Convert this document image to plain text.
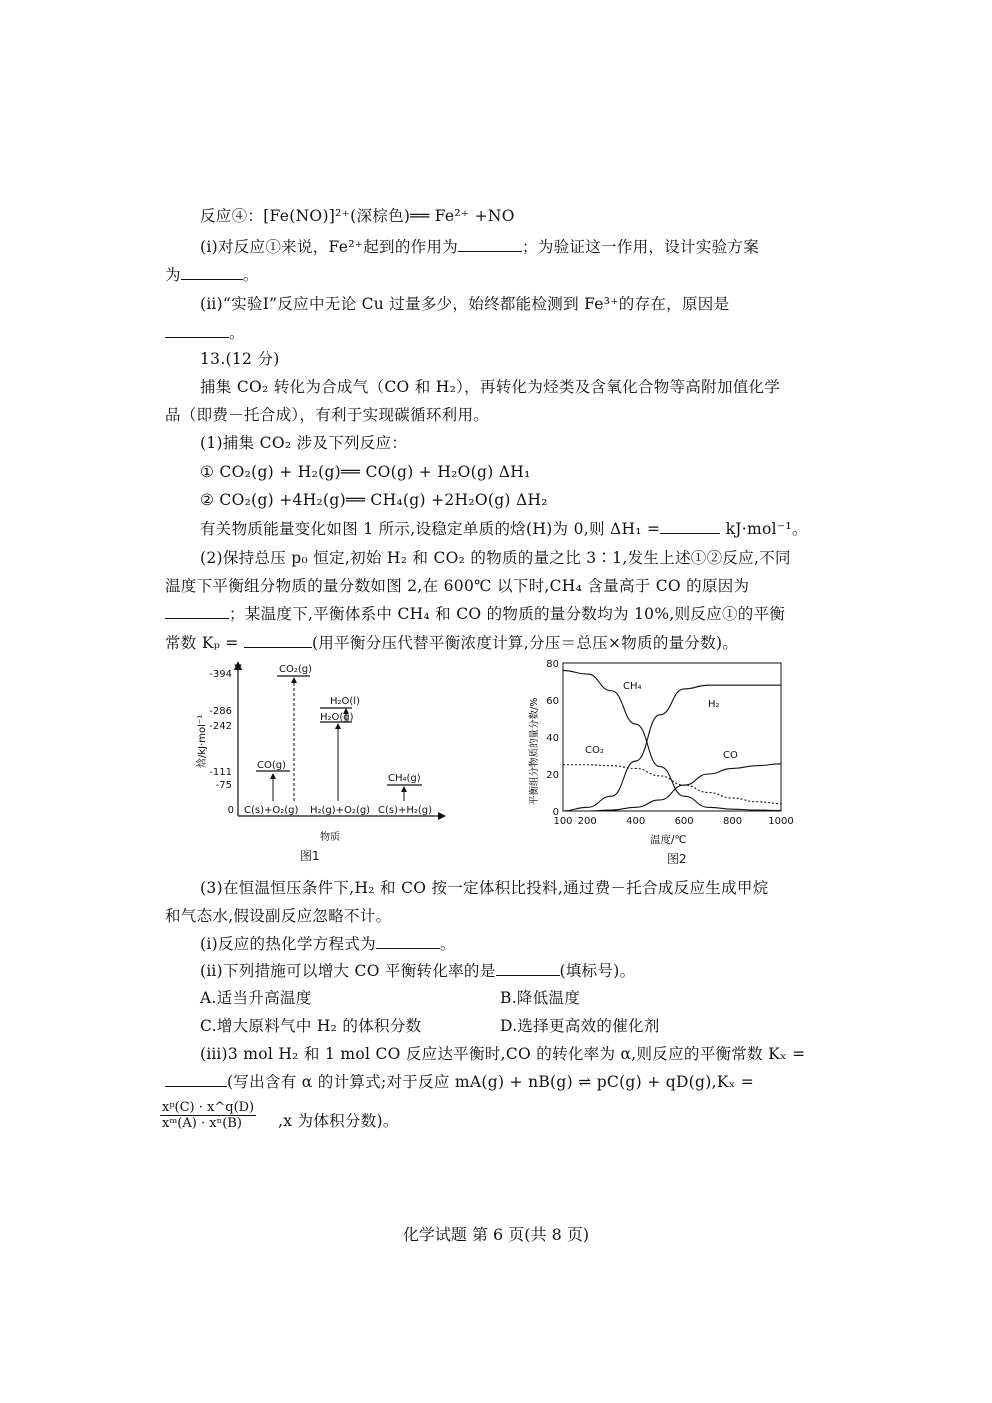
反应④：[Fe(NO)]²⁺(深棕色)══ Fe²⁺ +NO
(ⅰ)对反应①来说，Fe²⁺起到的作用为	；为验证这一作用，设计实验方案
为	。
(ⅱ)“实验Ⅰ”反应中无论 Cu 过量多少，始终都能检测到 Fe³⁺的存在，原因是
。
13.(12 分)
捕集 CO₂ 转化为合成气（CO 和 H₂），再转化为烃类及含氧化合物等高附加值化学
品（即费－托合成），有利于实现碳循环利用。
(1)捕集 CO₂ 涉及下列反应：
① CO₂(g) + H₂(g)══ CO(g) + H₂O(g) ΔH₁
② CO₂(g) +4H₂(g)══ CH₄(g) +2H₂O(g) ΔH₂
有关物质能量变化如图 1 所示,设稳定单质的焓(H)为 0,则 ΔH₁ =	kJ·mol⁻¹。
(2)保持总压 p₀ 恒定,初始 H₂ 和 CO₂ 的物质的量之比 3∶1,发生上述①②反应,不同
温度下平衡组分物质的量分数如图 2,在 600℃ 以下时,CH₄ 含量高于 CO 的原因为
；某温度下,平衡体系中 CH₄ 和 CO 的物质的量分数均为 10%,则反应①的平衡
常数 Kₚ =	(用平衡分压代替平衡浓度计算,分压＝总压×物质的量分数)。
-394
-286
-242
-111
-75
0
焓/kJ·mol⁻¹
CO₂(g)
H₂O(l)
H₂O(g)
CO(g)
CH₄(g)
C(s)+O₂(g) H₂(g)+O₂(g) C(s)+H₂(g)
物质
图1
100 200	400	600	800	1000
80
60
40
20
0
平衡组分物质的量分数/%
温度/℃
CH₄
H₂
CO₂	CO
图2
(3)在恒温恒压条件下,H₂ 和 CO 按一定体积比投料,通过费－托合成反应生成甲烷
和气态水,假设副反应忽略不计。
(ⅰ)反应的热化学方程式为	。
(ⅱ)下列措施可以增大 CO 平衡转化率的是	(填标号)。
A.适当升高温度	B.降低温度
C.增大原料气中 H₂ 的体积分数	D.选择更高效的催化剂
(ⅲ)3 mol H₂ 和 1 mol CO 反应达平衡时,CO 的转化率为 α,则反应的平衡常数 Kₓ =
(写出含有 α 的计算式;对于反应 mA(g) + nB(g) ⇌ pC(g) + qD(g),Kₓ =
$\frac{\text{xᵖ(C) · x\textasciicircum{}q(D)}}{\text{xᵐ(A) · xⁿ(B)}} ,x$ 为体积分数)。
化学试题 第 6 页(共 8 页)
